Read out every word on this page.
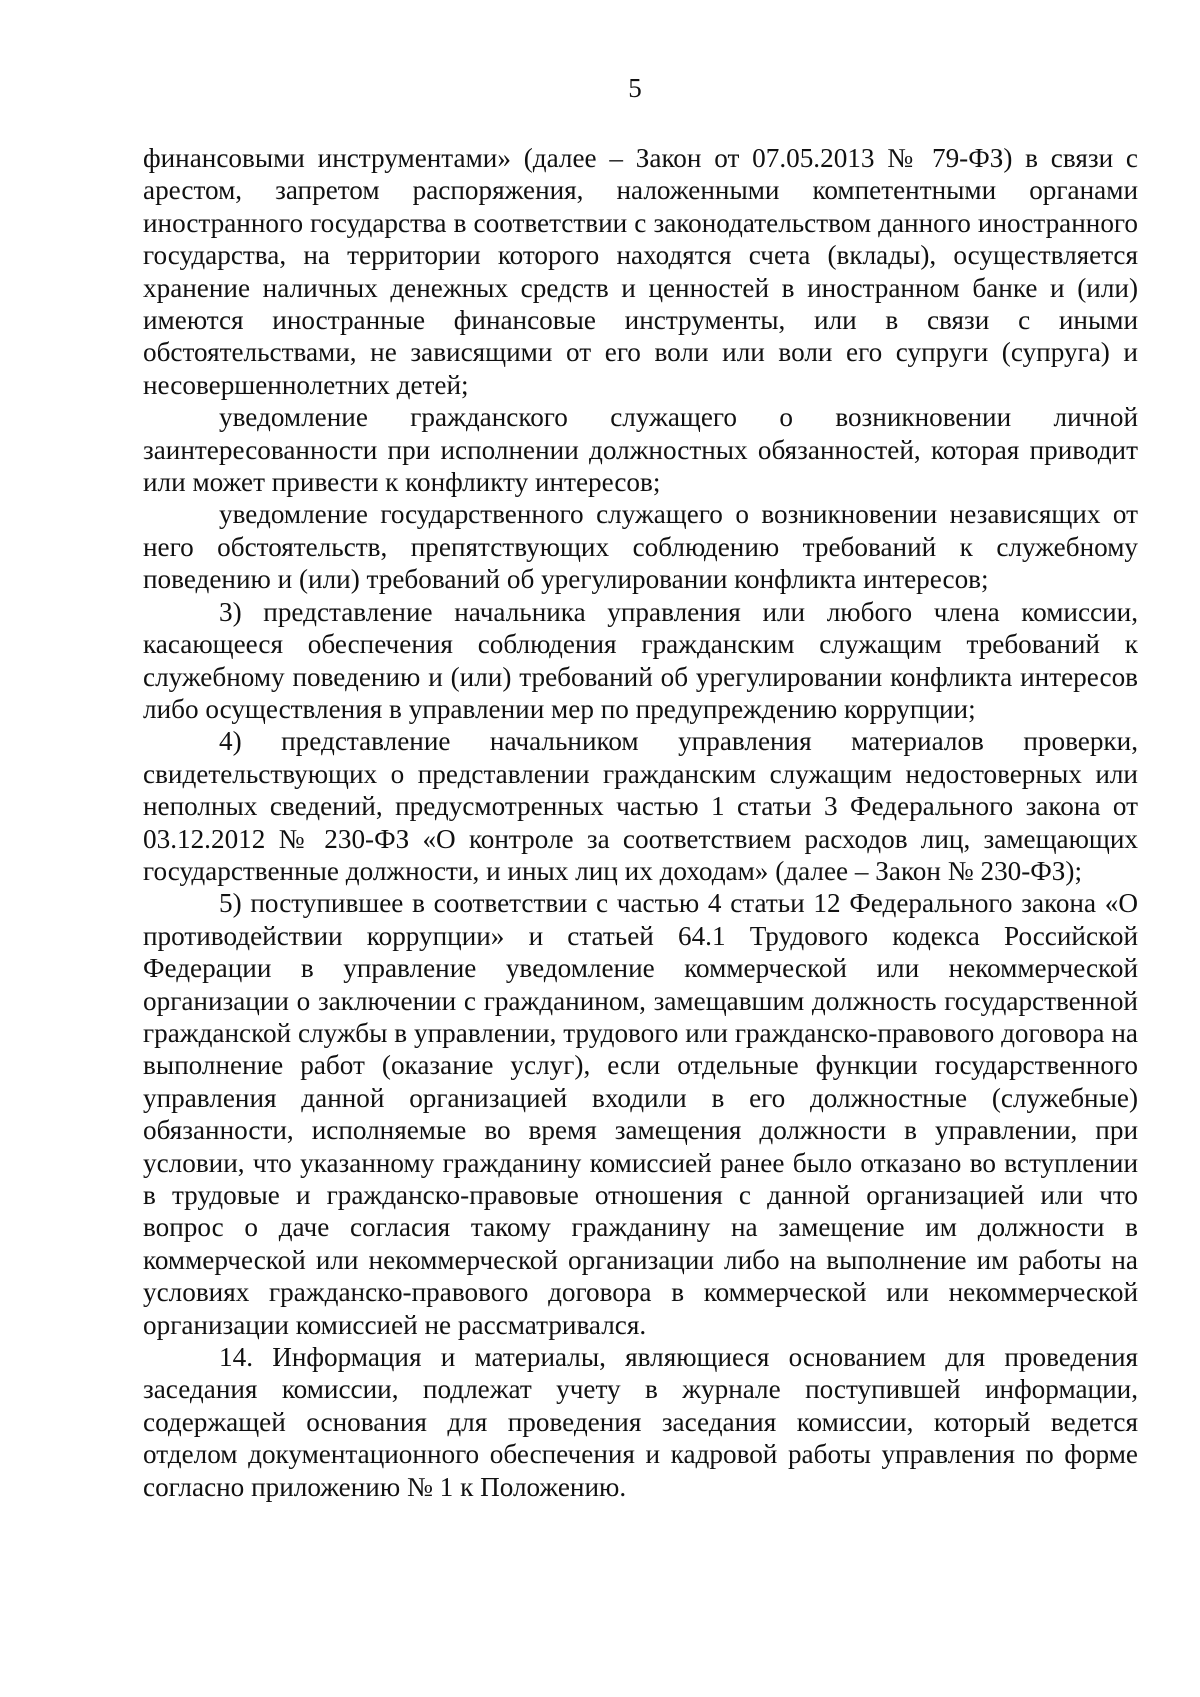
5

финансовыми инструментами» (далее – Закон от 07.05.2013 № 79-ФЗ) в связи с арестом, запретом распоряжения, наложенными компетентными органами иностранного государства в соответствии с законодательством данного иностранного государства, на территории которого находятся счета (вклады), осуществляется хранение наличных денежных средств и ценностей в иностранном банке и (или) имеются иностранные финансовые инструменты, или в связи с иными обстоятельствами, не зависящими от его воли или воли его супруги (супруга) и несовершеннолетних детей;

уведомление гражданского служащего о возникновении личной заинтересованности при исполнении должностных обязанностей, которая приводит или может привести к конфликту интересов;

уведомление государственного служащего о возникновении независящих от него обстоятельств, препятствующих соблюдению требований к служебному поведению и (или) требований об урегулировании конфликта интересов;

3) представление начальника управления или любого члена комиссии, касающееся обеспечения соблюдения гражданским служащим требований к служебному поведению и (или) требований об урегулировании конфликта интересов либо осуществления в управлении мер по предупреждению коррупции;

4) представление начальником управления материалов проверки, свидетельствующих о представлении гражданским служащим недостоверных или неполных сведений, предусмотренных частью 1 статьи 3 Федерального закона от 03.12.2012 № 230-ФЗ «О контроле за соответствием расходов лиц, замещающих государственные должности, и иных лиц их доходам» (далее – Закон № 230-ФЗ);

5) поступившее в соответствии с частью 4 статьи 12 Федерального закона «О противодействии коррупции» и статьей 64.1 Трудового кодекса Российской Федерации в управление уведомление коммерческой или некоммерческой организации о заключении с гражданином, замещавшим должность государственной гражданской службы в управлении, трудового или гражданско-правового договора на выполнение работ (оказание услуг), если отдельные функции государственного управления данной организацией входили в его должностные (служебные) обязанности, исполняемые во время замещения должности в управлении, при условии, что указанному гражданину комиссией ранее было отказано во вступлении в трудовые и гражданско-правовые отношения с данной организацией или что вопрос о даче согласия такому гражданину на замещение им должности в коммерческой или некоммерческой организации либо на выполнение им работы на условиях гражданско-правового договора в коммерческой или некоммерческой организации комиссией не рассматривался.

14. Информация и материалы, являющиеся основанием для проведения заседания комиссии, подлежат учету в журнале поступившей информации, содержащей основания для проведения заседания комиссии, который ведется отделом документационного обеспечения и кадровой работы управления по форме согласно приложению № 1 к Положению.
